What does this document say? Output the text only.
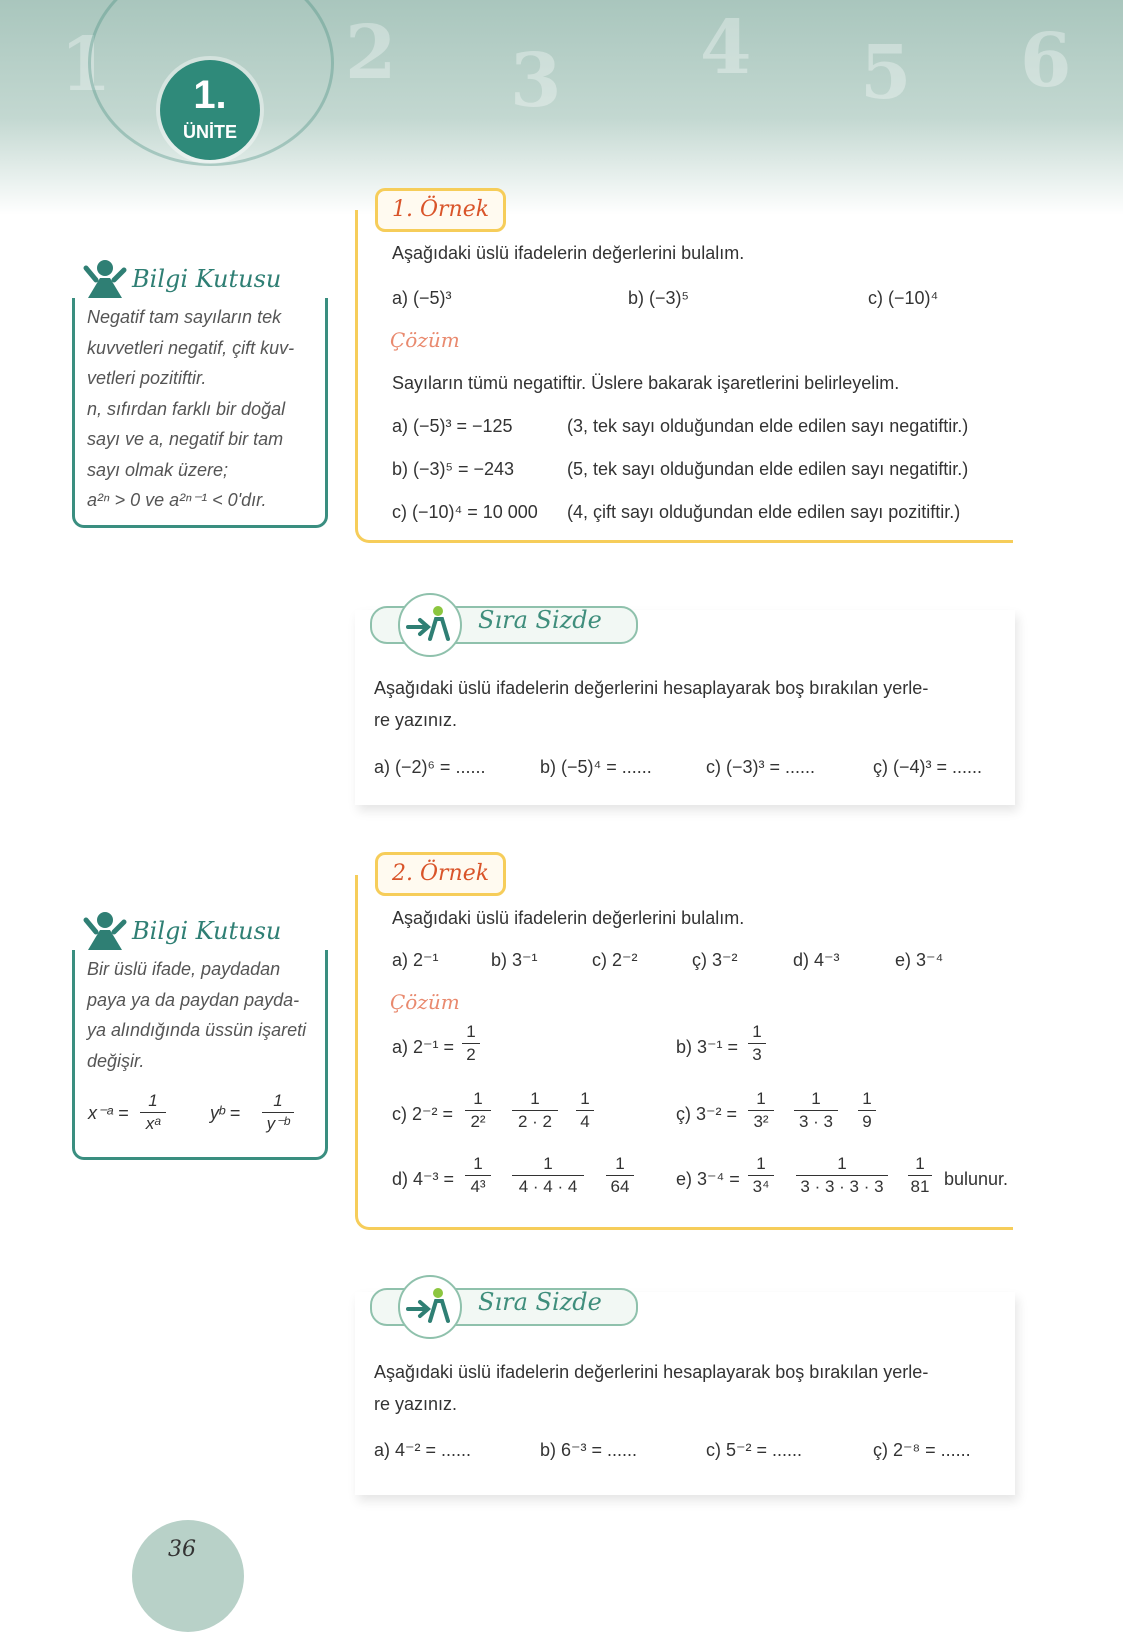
1	2 3 4 5 6
1.
ÜNİTE
Bilgi Kutusu

Negatif tam sayıların tek

kuvvetleri negatif, çift kuv-

vetleri pozitiftir.

n, sıfırdan farklı bir doğal

sayı ve a, negatif bir tam

sayı olmak üzere;

a²ⁿ > 0 ve a²ⁿ⁻¹ < 0'dır.

1. Örnek
Aşağıdaki üslü ifadelerin değerlerini bulalım.
a) (−5)³	b) (−3)⁵	c) (−10)⁴
Çözüm
Sayıların tümü negatiftir. Üslere bakarak işaretlerini belirleyelim.
a) (−5)³ = −125	(3, tek sayı olduğundan elde edilen sayı negatiftir.)
b) (−3)⁵ = −243	(5, tek sayı olduğundan elde edilen sayı negatiftir.)
c) (−10)⁴ = 10 000 (4, çift sayı olduğundan elde edilen sayı pozitiftir.)
Sıra Sizde
Aşağıdaki üslü ifadelerin değerlerini hesaplayarak boş bırakılan yerle-
re yazınız.
a) (−2)⁶ = ......	b) (−5)⁴ = ......	c) (−3)³ = ......	ç) (−4)³ = ......
Bilgi Kutusu

Bir üslü ifade, paydadan

paya ya da paydan payda-

ya alındığında üssün işareti

değişir.

x⁻ᵃ =
1
xᵃ
yᵇ =
1
y⁻ᵇ
2. Örnek
Aşağıdaki üslü ifadelerin değerlerini bulalım.
a) 2⁻¹	b) 3⁻¹	c) 2⁻²	ç) 3⁻²	d) 4⁻³	e) 3⁻⁴
Çözüm
a) 2⁻¹ =
1
2	b) 3⁻¹ =
1
3
c) 2⁻² =
1
2²
1
2 · 2
1
4	ç) 3⁻² =
1
3²
1
3 · 3
1
9
d) 4⁻³ =
1
4³
1
4 · 4 · 4
1
64	e) 3⁻⁴ =
1
3⁴
1
3 · 3 · 3 · 3
1
81 bulunur.
Sıra Sizde
Aşağıdaki üslü ifadelerin değerlerini hesaplayarak boş bırakılan yerle-
re yazınız.
a) 4⁻² = ......	b) 6⁻³ = ......	c) 5⁻² = ......	ç) 2⁻⁸ = ......
36
